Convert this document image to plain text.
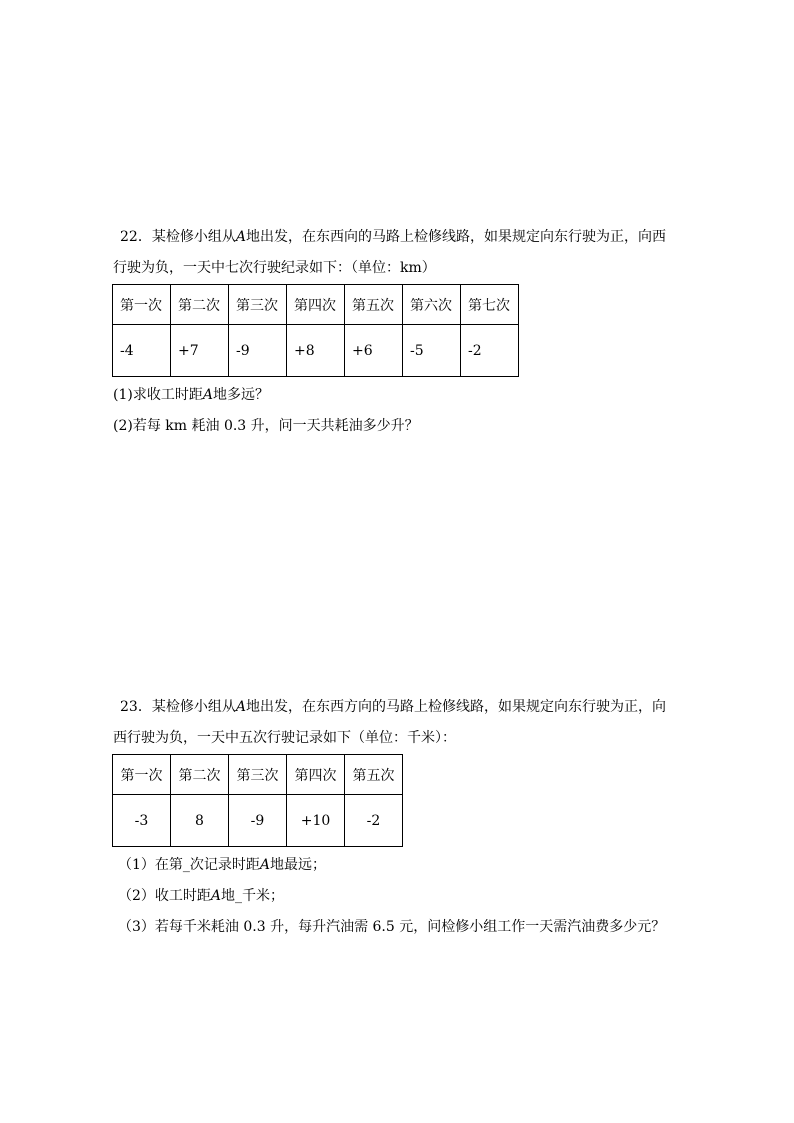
22．某检修小组从A地出发，在东西向的马路上检修线路，如果规定向东行驶为正，向西
行驶为负，一天中七次行驶纪录如下：（单位：km）
第一次	第二次	第三次	第四次	第五次	第六次	第七次
-4	+7	-9	+8	+6	-5	-2
(1)求收工时距A地多远？
(2)若每 km 耗油 0.3 升，问一天共耗油多少升？
23．某检修小组从A地出发，在东西方向的马路上检修线路，如果规定向东行驶为正，向
西行驶为负，一天中五次行驶记录如下（单位：千米）：
第一次	第二次	第三次	第四次	第五次
-3	8	-9	+10	-2
（1）在第_次记录时距A地最远；
（2）收工时距A地_千米；
（3）若每千米耗油 0.3 升，每升汽油需 6.5 元，问检修小组工作一天需汽油费多少元？
